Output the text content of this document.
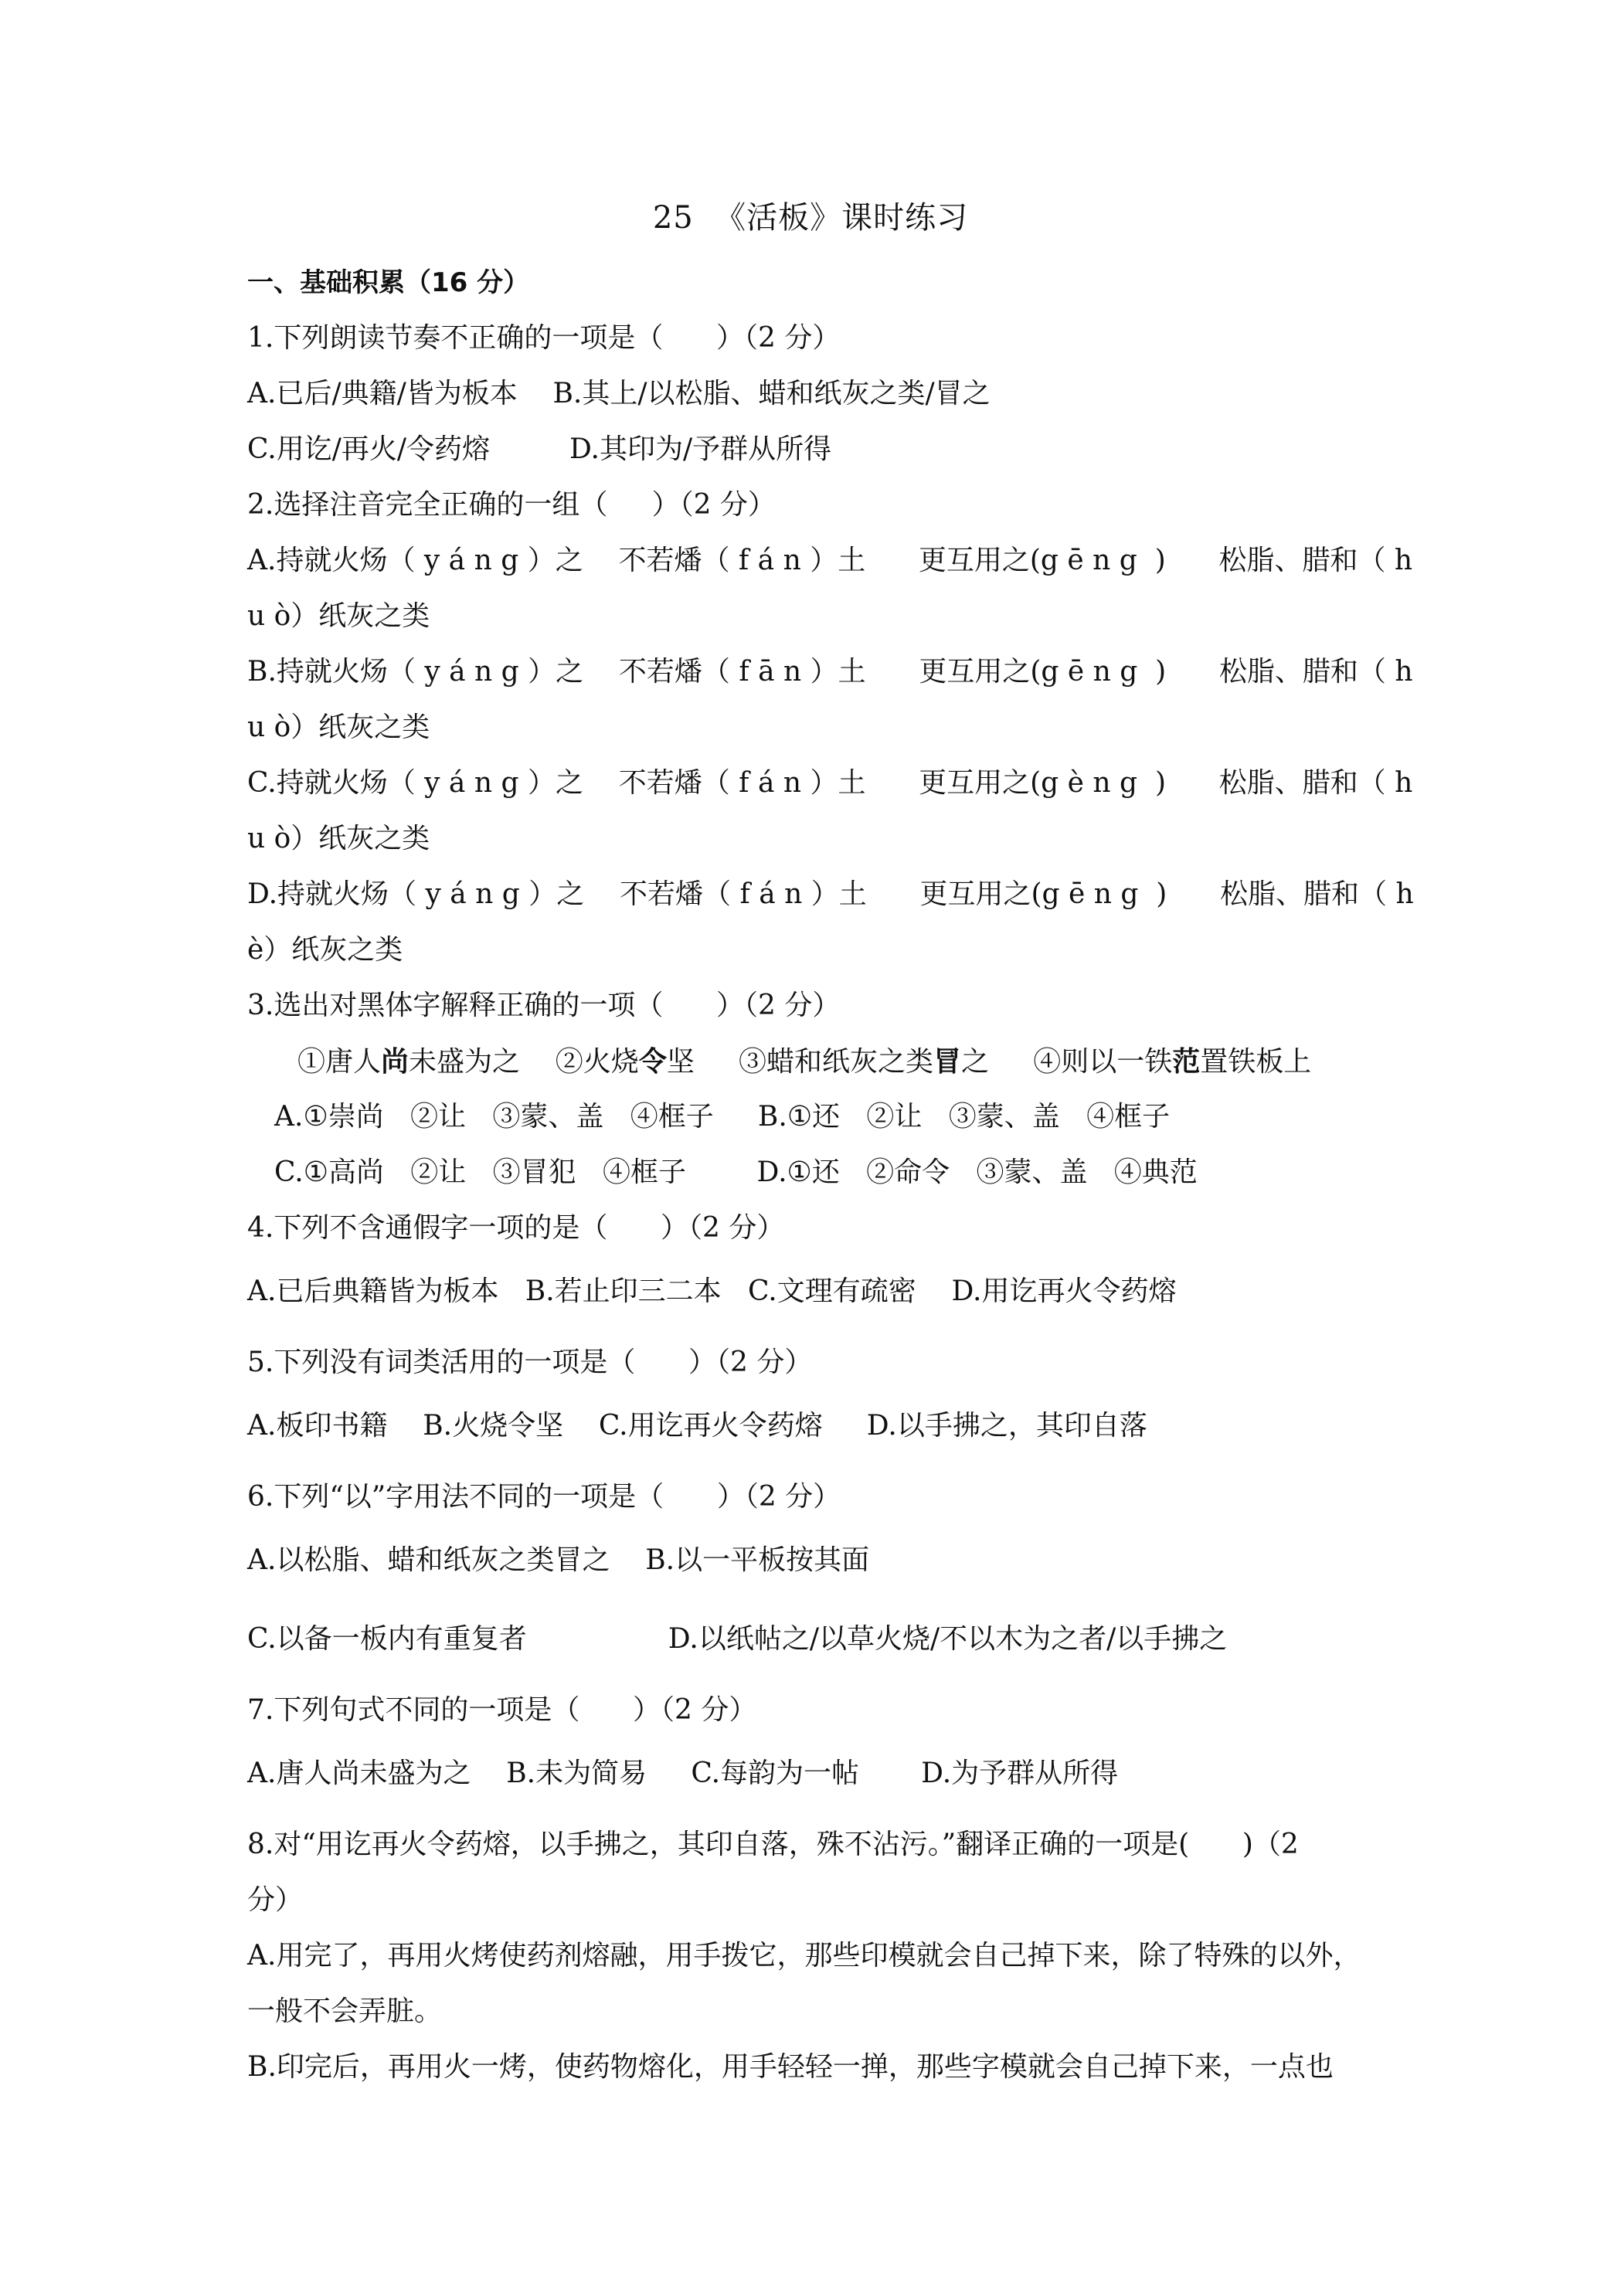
25  《活板》课时练习
一、基础积累（16 分）
1.下列朗读节奏不正确的一项是（      ）（2 分）
A.已后/典籍/皆为板本    B.其上/以松脂、蜡和纸灰之类/冒之
C.用讫/再火/令药熔         D.其印为/予群从所得
2.选择注音完全正确的一组（     ）（2 分）
A.持就火炀（ y á n g ）之    不若燔（ f á n ）土      更互用之(g ē n g  )      松脂、腊和（ h
u ò）纸灰之类
B.持就火炀（ y á n g ）之    不若燔（ f ā n ）土      更互用之(g ē n g  )      松脂、腊和（ h
u ò）纸灰之类
C.持就火炀（ y á n g ）之    不若燔（ f á n ）土      更互用之(g è n g  )      松脂、腊和（ h
u ò）纸灰之类
D.持就火炀（ y á n g ）之    不若燔（ f á n ）土      更互用之(g ē n g  )      松脂、腊和（ h
è）纸灰之类
3.选出对黑体字解释正确的一项（      ）（2 分）
①唐人尚未盛为之    ②火烧令坚     ③蜡和纸灰之类冒之     ④则以一铁范置铁板上
A.①崇尚   ②让   ③蒙、盖   ④框子     B.①还   ②让   ③蒙、盖   ④框子
C.①高尚   ②让   ③冒犯   ④框子        D.①还   ②命令   ③蒙、盖   ④典范
4.下列不含通假字一项的是（      ）（2 分）
A.已后典籍皆为板本   B.若止印三二本   C.文理有疏密    D.用讫再火令药熔
5.下列没有词类活用的一项是（      ）（2 分）
A.板印书籍    B.火烧令坚    C.用讫再火令药熔     D.以手拂之，其印自落
6.下列“以”字用法不同的一项是（      ）（2 分）
A.以松脂、蜡和纸灰之类冒之    B.以一平板按其面
C.以备一板内有重复者                D.以纸帖之/以草火烧/不以木为之者/以手拂之
7.下列句式不同的一项是（      ）（2 分）
A.唐人尚未盛为之    B.未为简易     C.每韵为一帖       D.为予群从所得
8.对“用讫再火令药熔，以手拂之，其印自落，殊不沾污。”翻译正确的一项是(      )（2
分）
A.用完了，再用火烤使药剂熔融，用手拨它，那些印模就会自己掉下来，除了特殊的以外，
一般不会弄脏。
B.印完后，再用火一烤，使药物熔化，用手轻轻一掸，那些字模就会自己掉下来，一点也
